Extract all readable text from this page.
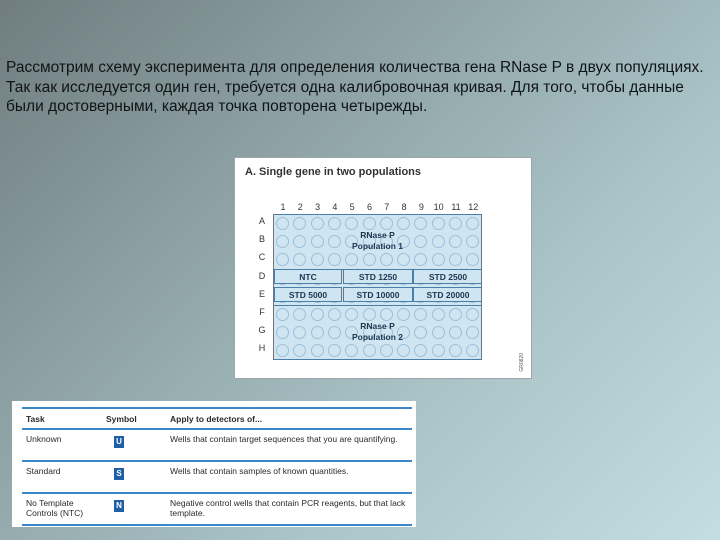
Рассмотрим схему эксперимента для определения количества гена RNase P в двух популяциях. Так как исследуется один ген, требуется одна калибровочная кривая. Для того, чтобы данные были достоверными, каждая точка повторена четырежды.

A. Single gene in two populations
1	2	3	4	5	6	7	8	9	10 11 12
A
B
C
D
E
F
G
H
RNase P
Population 1
NTC	STD 1250	STD 2500
STD 5000	STD 10000	STD 20000
RNase P
Population 2
GR0820
Task	Symbol	Apply to detectors of...
Unknown	U	Wells that contain target sequences that you are quantifying.
Standard	S	Wells that contain samples of known quantities.
No Template Controls (NTC)	N	Negative control wells that contain PCR reagents, but that lack template.
